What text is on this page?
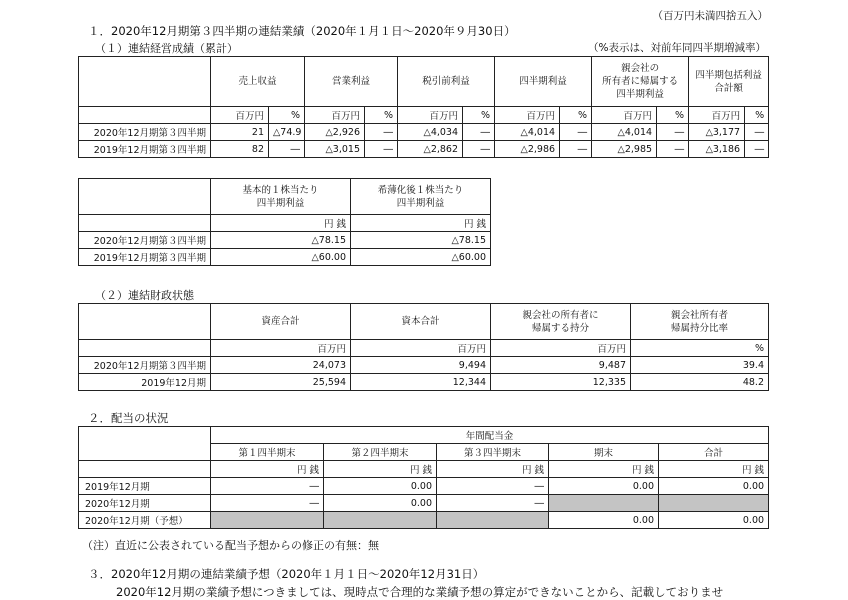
（百万円未満四捨五入）
１．2020年12月期第３四半期の連結業績（2020年１月１日～2020年９月30日）
（１）連結経営成績（累計）	（%表示は、対前年同四半期増減率）
	売上収益		営業利益		税引前利益		四半期利益		親会社の
所有者に帰属する
四半期利益		四半期包括利益
合計額	
	百万円	%	百万円	%	百万円	%	百万円	%	百万円	%	百万円	%
2020年12月期第３四半期	21	△74.9	△2,926	―	△4,034	―	△4,014	―	△4,014	―	△3,177	―
2019年12月期第３四半期	82	―	△3,015	―	△2,862	―	△2,986	―	△2,985	―	△3,186	―
	基本的１株当たり
四半期利益	希薄化後１株当たり
四半期利益
	円 銭	円 銭
2020年12月期第３四半期	△78.15	△78.15
2019年12月期第３四半期	△60.00	△60.00
（２）連結財政状態
	資産合計	資本合計	親会社の所有者に
帰属する持分	親会社所有者
帰属持分比率
	百万円	百万円	百万円	%
2020年12月期第３四半期	24,073	9,494	9,487	39.4
2019年12月期	25,594	12,344	12,335	48.2
２．配当の状況
	年間配当金				
	第１四半期末	第２四半期末	第３四半期末	期末	合計
	円 銭	円 銭	円 銭	円 銭	円 銭
2019年12月期	―	0.00	―	0.00	0.00
2020年12月期	―	0.00	―		
2020年12月期（予想）				0.00	0.00
（注）直近に公表されている配当予想からの修正の有無：無
３．2020年12月期の連結業績予想（2020年１月１日～2020年12月31日）
2020年12月期の業績予想につきましては、現時点で合理的な業績予想の算定ができないことから、記載しておりませ
